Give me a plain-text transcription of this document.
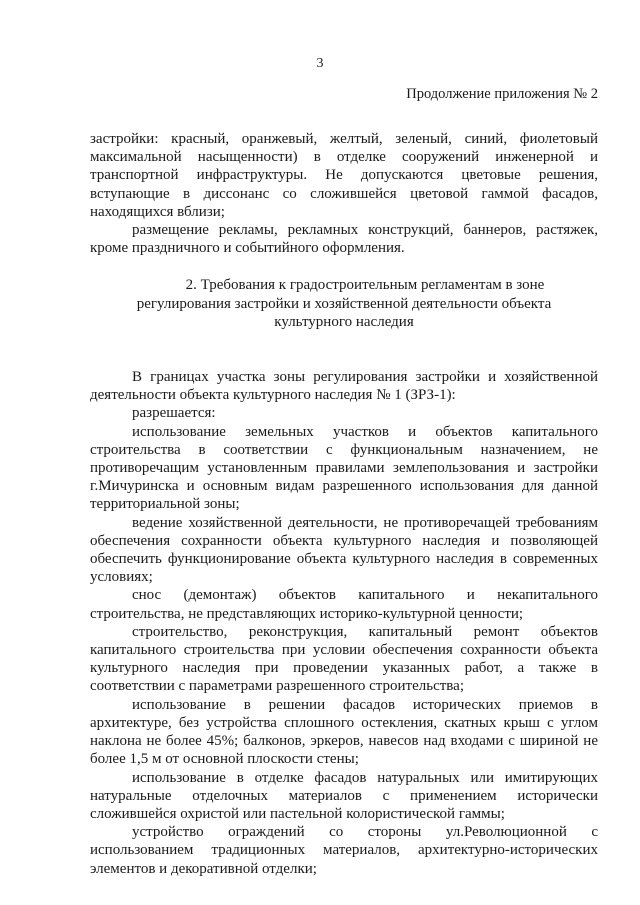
3
Продолжение приложения № 2

застройки: красный, оранжевый, желтый, зеленый, синий, фиолетовый максимальной насыщенности) в отделке сооружений инженерной и транспортной инфраструктуры. Не допускаются цветовые решения, вступающие в диссонанс со сложившейся цветовой гаммой фасадов, находящихся вблизи;

размещение рекламы, рекламных конструкций, баннеров, растяжек, кроме праздничного и событийного оформления.

2. Требования к градостроительным регламентам в зоне регулирования застройки и хозяйственной деятельности объекта культурного наследия

В границах участка зоны регулирования застройки и хозяйственной деятельности объекта культурного наследия № 1 (ЗРЗ-1):

разрешается:

использование земельных участков и объектов капитального строительства в соответствии с функциональным назначением, не противоречащим установленным правилами землепользования и застройки г.Мичуринска и основным видам разрешенного использования для данной территориальной зоны;

ведение хозяйственной деятельности, не противоречащей требованиям обеспечения сохранности объекта культурного наследия и позволяющей обеспечить функционирование объекта культурного наследия в современных условиях;

снос (демонтаж) объектов капитального и некапитального строительства, не представляющих историко-культурной ценности;

строительство, реконструкция, капитальный ремонт объектов капитального строительства при условии обеспечения сохранности объекта культурного наследия при проведении указанных работ, а также в соответствии с параметрами разрешенного строительства;

использование в решении фасадов исторических приемов в архитектуре, без устройства сплошного остекления, скатных крыш с углом наклона не более 45%; балконов, эркеров, навесов над входами с шириной не более 1,5 м от основной плоскости стены;

использование в отделке фасадов натуральных или имитирующих натуральные отделочных материалов с применением исторически сложившейся охристой или пастельной колористической гаммы;

устройство ограждений со стороны ул.Революционной с использованием традиционных материалов, архитектурно-исторических элементов и декоративной отделки;
